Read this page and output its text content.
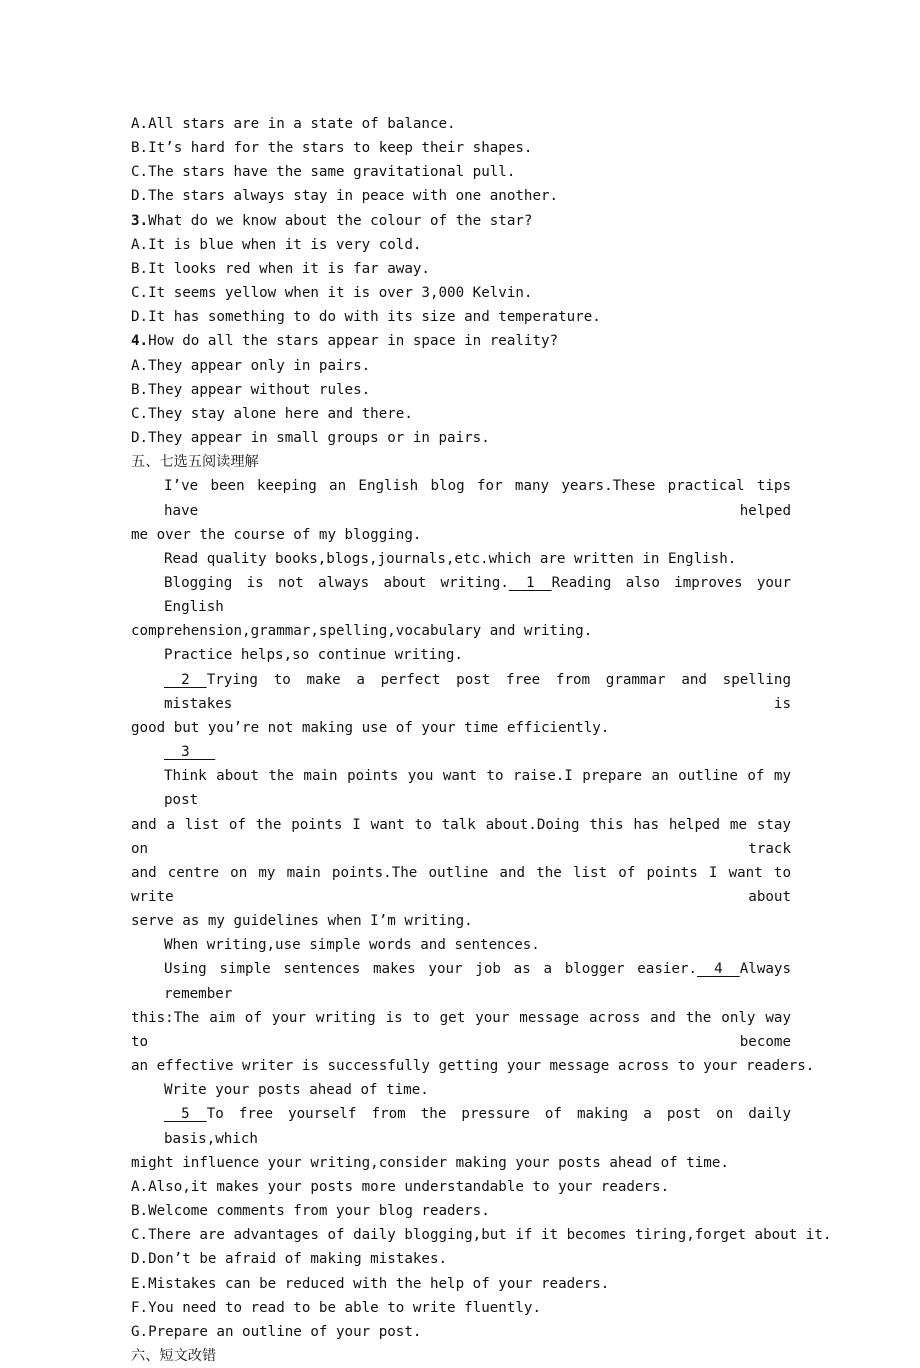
A.All stars are in a state of balance.
B.It’s hard for the stars to keep their shapes.
C.The stars have the same gravitational pull.
D.The stars always stay in peace with one another.
3.What do we know about the colour of the star?
A.It is blue when it is very cold.
B.It looks red when it is far away.
C.It seems yellow when it is over 3,000 Kelvin.
D.It has something to do with its size and temperature.
4.How do all the stars appear in space in reality?
A.They appear only in pairs.
B.They appear without rules.
C.They stay alone here and there.
D.They appear in small groups or in pairs.
五、七选五阅读理解
I’ve been keeping an English blog for many years.These practical tips have helped
me over the course of my blogging.
Read quality books,blogs,journals,etc.which are written in English.
Blogging is not always about writing.  1  Reading also improves your English
comprehension,grammar,spelling,vocabulary and writing.
Practice helps,so continue writing.
2  Trying to make a perfect post free from grammar and spelling mistakes is
good but you’re not making use of your time efficiently.
3
Think about the main points you want to raise.I prepare an outline of my post
and a list of the points I want to talk about.Doing this has helped me stay on track
and centre on my main points.The outline and the list of points I want to write about
serve as my guidelines when I’m writing.
When writing,use simple words and sentences.
Using simple sentences makes your job as a blogger easier.  4  Always remember
this:The aim of your writing is to get your message across and the only way to become
an effective writer is successfully getting your message across to your readers.
Write your posts ahead of time.
5  To free yourself from the pressure of making a post on daily basis,which
might influence your writing,consider making your posts ahead of time.
A.Also,it makes your posts more understandable to your readers.
B.Welcome comments from your blog readers.
C.There are advantages of daily blogging,but if it becomes tiring,forget about it.
D.Don’t be afraid of making mistakes.
E.Mistakes can be reduced with the help of your readers.
F.You need to read to be able to write fluently.
G.Prepare an outline of your post.
六、短文改错
